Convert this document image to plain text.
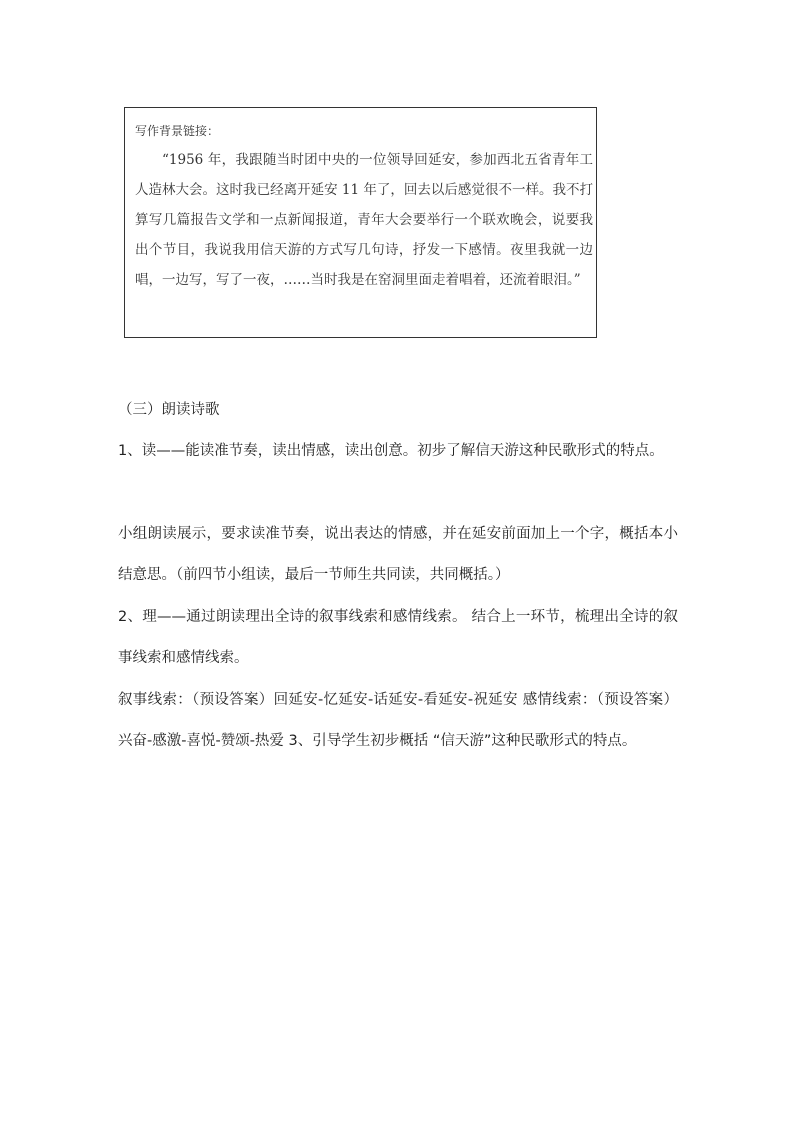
写作背景链接：

“1956 年，我跟随当时团中央的一位领导回延安，参加西北五省青年工人造林大会。这时我已经离开延安 11 年了，回去以后感觉很不一样。我不打算写几篇报告文学和一点新闻报道，青年大会要举行一个联欢晚会，说要我出个节目，我说我用信天游的方式写几句诗，抒发一下感情。夜里我就一边唱，一边写，写了一夜，……当时我是在窑洞里面走着唱着，还流着眼泪。”

（三）朗读诗歌

1、读——能读准节奏，读出情感，读出创意。初步了解信天游这种民歌形式的特点。

小组朗读展示，要求读准节奏，说出表达的情感，并在延安前面加上一个字，概括本小结意思。（前四节小组读，最后一节师生共同读，共同概括。）

2、理——通过朗读理出全诗的叙事线索和感情线索。 结合上一环节，梳理出全诗的叙事线索和感情线索。

叙事线索：（预设答案）回延安-忆延安-话延安-看延安-祝延安 感情线索：（预设答案）兴奋-感激-喜悦-赞颂-热爱 3、引导学生初步概括 “信天游”这种民歌形式的特点。
